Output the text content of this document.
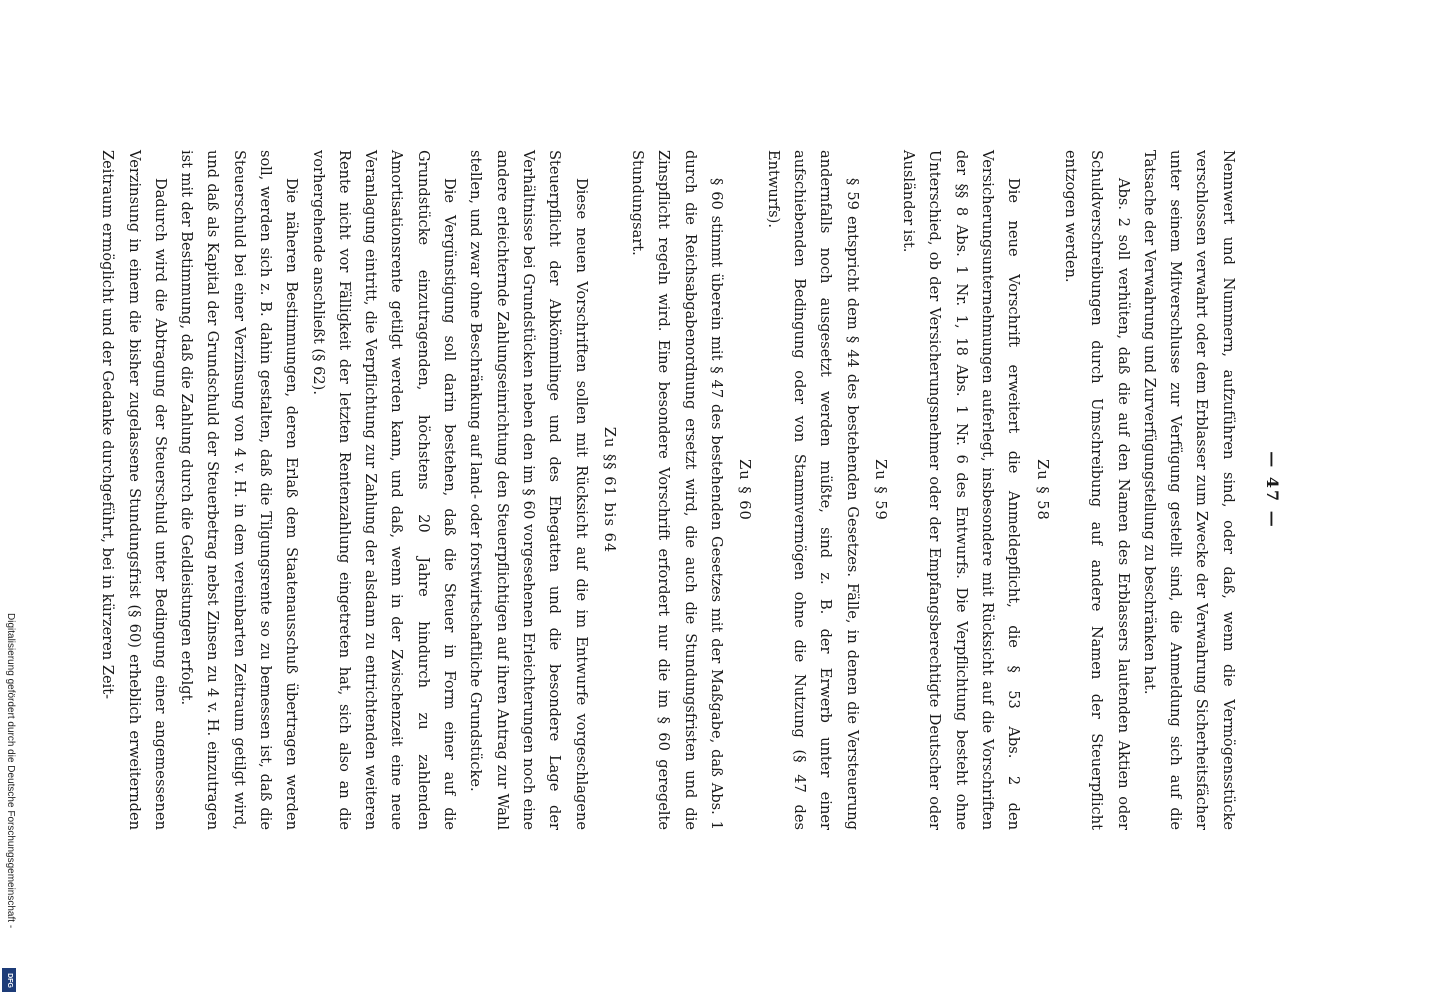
— 47 —

Nennwert und Nummern, aufzuführen sind, oder daß, wenn die Vermögensstücke verschlossen verwahrt oder dem Erblasser zum Zwecke der Verwahrung Sicherheitsfächer unter seinem Mitverschlusse zur Verfügung gestellt sind, die Anmeldung sich auf die Tatsache der Verwahrung und Zurverfügungstellung zu beschränken hat.

Abs. 2 soll verhüten, daß die auf den Namen des Erblassers lautenden Aktien oder Schuldverschreibungen durch Umschreibung auf andere Namen der Steuerpflicht entzogen werden.

Zu § 58

Die neue Vorschrift erweitert die Anmeldepflicht, die § 53 Abs. 2 den Versicherungsunternehmungen auferlegt, insbesondere mit Rücksicht auf die Vorschriften der §§ 8 Abs. 1 Nr. 1, 18 Abs. 1 Nr. 6 des Entwurfs. Die Verpflichtung besteht ohne Unterschied, ob der Versicherungsnehmer oder der Empfangsberechtigte Deutscher oder Ausländer ist.

Zu § 59

§ 59 entspricht dem § 44 des bestehenden Gesetzes. Fälle, in denen die Versteuerung andernfalls noch ausgesetzt werden müßte, sind z. B. der Erwerb unter einer aufschiebenden Bedingung oder von Stammvermögen ohne die Nutzung (§ 47 des Entwurfs).

Zu § 60

§ 60 stimmt überein mit § 47 des bestehenden Gesetzes mit der Maßgabe, daß Abs. 1 durch die Reichsabgabenordnung ersetzt wird, die auch die Stundungsfristen und die Zinspflicht regeln wird. Eine besondere Vorschrift erfordert nur die im § 60 geregelte Stundungsart.

Zu §§ 61 bis 64

Diese neuen Vorschriften sollen mit Rücksicht auf die im Entwurfe vorgeschlagene Steuerpflicht der Abkömmlinge und des Ehegatten und die besondere Lage der Verhältnisse bei Grundstücken neben den im § 60 vorgesehenen Erleichterungen noch eine andere erleichternde Zahlungseinrichtung den Steuerpflichtigen auf ihren Antrag zur Wahl stellen, und zwar ohne Beschränkung auf land- oder forstwirtschaftliche Grundstücke.

Die Vergünstigung soll darin bestehen, daß die Steuer in Form einer auf die Grundstücke einzutragenden, höchstens 20 Jahre hindurch zu zahlenden Amortisationsrente getilgt werden kann, und daß, wenn in der Zwischenzeit eine neue Veranlagung eintritt, die Verpflichtung zur Zahlung der alsdann zu entrichtenden weiteren Rente nicht vor Fälligkeit der letzten Rentenzahlung eingetreten hat, sich also an die vorhergehende anschließt (§ 62).

Die näheren Bestimmungen, deren Erlaß dem Staatenausschuß übertragen werden soll, werden sich z. B. dahin gestalten, daß die Tilgungsrente so zu bemessen ist, daß die Steuerschuld bei einer Verzinsung von 4 v. H. in dem vereinbarten Zeitraum getilgt wird, und daß als Kapital der Grundschuld der Steuerbetrag nebst Zinsen zu 4 v. H. einzutragen ist mit der Bestimmung, daß die Zahlung durch die Geldleistungen erfolgt.

Dadurch wird die Abtragung der Steuerschuld unter Bedingung einer angemessenen Verzinsung in einem die bisher zugelassene Stundungsfrist (§ 60) erheblich erweiternden Zeitraum ermöglicht und der Gedanke durchgeführt, bei in kürzeren Zeit-

Digitalisierung gefördert durch die Deutsche Forschungsgemeinschaft -
DFG
